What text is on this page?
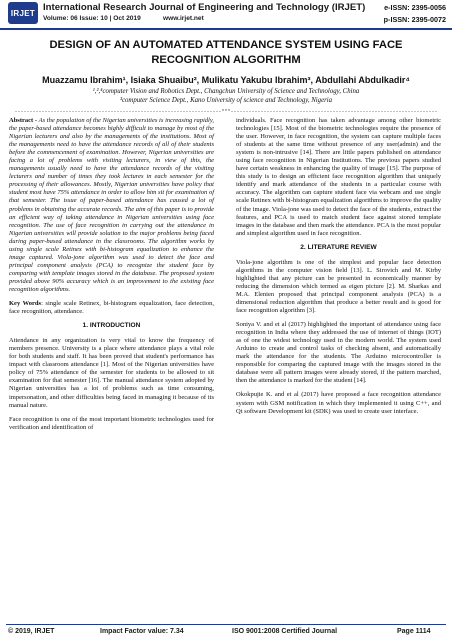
IRJET International Research Journal of Engineering and Technology (IRJET)
Volume: 06 Issue: 10 | Oct 2019	www.irjet.net
e-ISSN: 2395-0056
p-ISSN: 2395-0072
DESIGN OF AN AUTOMATED ATTENDANCE SYSTEM USING FACE RECOGNITION ALGORITHM
Muazzamu Ibrahim¹, Isiaka Shuaibu², Mulikatu Yakubu Ibrahim³, Abdullahi Abdulkadir⁴
¹,²,⁴computer Vision and Robotics Dept., Changchun University of Science and Technology, China
³computer Science Dept., Kano University of science and Technology, Nigeria
---------------------------------------------------------------------***---------------------------------------------------------------------

Abstract - As the population of the Nigerian universities is increasing rapidly, the paper-based attendance becomes highly difficult to manage by most of the Nigerian lecturers and also by the managements of the institutions. Most of the managements need to have the attendance records of all of their students before the commencement of examination. However, Nigerian universities are facing a lot of problems with visiting lecturers, in view of this, the managements usually need to have the attendance records of the visiting lecturers and number of times they took lectures in each semester for the processing of their allowances. Mostly, Nigerian universities have policy that student most have 75% attendance in order to allow him sit for examination of that semester. The issue of paper-based attendance has caused a lot of problems in obtaining the accurate records. The aim of this paper is to provide an efficient way of taking attendance in Nigerian universities using face recognition. The use of face recognition in carrying out the attendance in Nigerian universities will provide solution to the major problems being faced during paper-based attendance in the classrooms. The algorithm works by using single scale Retinex with bi-histogram equalization to enhance the image captured. Viola-jone algorithm was used to detect the face and principal component analysis (PCA) to recognize the student face by comparing with template images stored in the database. The proposed system provided above 90% accuracy which is an improvement to the existing face recognition algorithms.

Key Words: single scale Retinex, bi-histogram equalization, face detection, face recognition, attendance.

1. INTRODUCTION

Attendance in any organization is very vital to know the frequency of members presence. University is a place where attendance plays a vital role for both students and staff. It has been proved that student's performance has impact with classroom attendance [1]. Most of the Nigerian universities have policy of 75% attendance of the semester for students to be allowed to sit examination for that semester [16]. The manual attendance system adopted by Nigerian universities has a lot of problems such as time consuming, impersonation, and other difficulties being faced in managing it because of its manual nature.

Face recognition is one of the most important biometric technologies used for verification and identification of

individuals. Face recognition has taken advantage among other biometric technologies [15]. Most of the biometric technologies require the presence of the user. However, in face recognition, the system can capture multiple faces of students at the same time without presence of any user(admin) and the system is non-intrusive [14]. There are little papers published on attendance using face recognition in Nigerian Institutions. The previous papers studied have certain weakness in enhancing the quality of image [15]. The purpose of this study is to design an efficient face recognition algorithm that uniquely identify and mark attendance of the students in a particular course with accuracy. The algorithm can capture student face via webcam and use single scale Retinex with bi-histogram equalization algorithms to improve the quality of the image. Viola-jone was used to detect the face of the students, extract the features, and PCA is used to match student face against stored template images in the database and then mark the attendance. PCA is the most popular and simplest algorithm used in face recognition.

2. LITERATURE REVIEW

Viola-jone algorithm is one of the simplest and popular face detection algorithms in the computer vision field [13]. L. Sirovich and M. Kirby highlighted that any picture can be presented in economically manner by reducing the dimension which termed as eigen picture [2]. M. Sharkas and M.A. Elenien proposed that principal component analysis (PCA) is a dimensional reduction algorithm that produce a better result and is good for face recognition algorithm [3].

Soniya V. and et al (2017) highlighted the important of attendance using face recognition in India where they addressed the use of internet of things (IOT) as of one the widest technology used in the modern world. The system used Arduino to create and control tasks of checking absent, and automatically mark the attendance for the students. The Arduino microcontroller is responsible for comparing the captured image with the images stored in the database were all pattern images were already stored, if the pattern marched, then the attendance is marked for the student [14].

Okokpujie K. and et al (2017) have proposed a face recognition attendance system with GSM notification in which they implemented it using C++, and Qt software Development kit (SDK) was used to create user interface.

© 2019, IRJET	Impact Factor value: 7.34	ISO 9001:2008 Certified Journal	Page 1114
